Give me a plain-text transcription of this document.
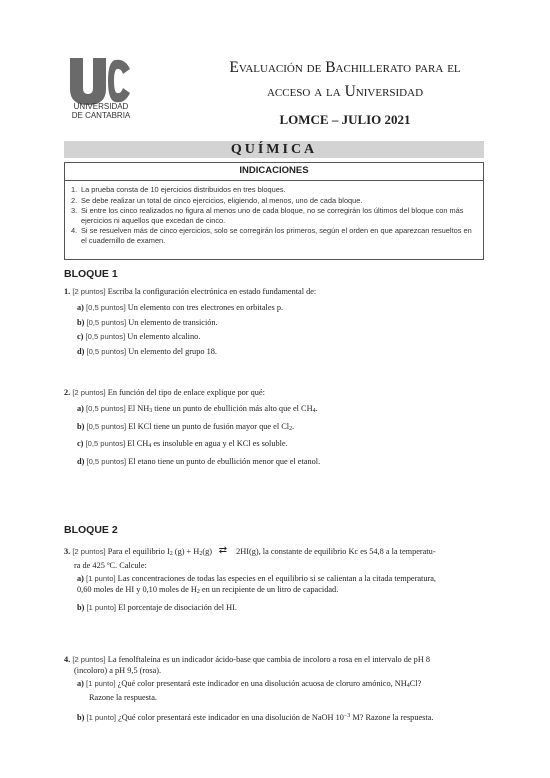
UNIVERSIDAD
DE CANTABRIA
Evaluación de Bachillerato para el
acceso a la Universidad
LOMCE – JULIO 2021
QUÍMICA
INDICACIONES
1. La prueba consta de 10 ejercicios distribuidos en tres bloques.
2. Se debe realizar un total de cinco ejercicios, eligiendo, al menos, uno de cada bloque.
3. Si entre los cinco realizados no figura al menos uno de cada bloque, no se corregirán los últimos del bloque con más ejercicios ni aquellos que excedan de cinco.
4. Si se resuelven más de cinco ejercicios, solo se corregirán los primeros, según el orden en que aparezcan resueltos en el cuadernillo de examen.
BLOQUE 1
1. [2 puntos] Escriba la configuración electrónica en estado fundamental de:
a) [0,5 puntos] Un elemento con tres electrones en orbitales p.
b) [0,5 puntos] Un elemento de transición.
c) [0,5 puntos] Un elemento alcalino.
d) [0,5 puntos] Un elemento del grupo 18.
2. [2 puntos] En función del tipo de enlace explique por qué:
a) [0,5 puntos] El NH3 tiene un punto de ebullición más alto que el CH4.
b) [0,5 puntos] El KCl tiene un punto de fusión mayor que el Cl2.
c) [0,5 puntos] El CH4 es insoluble en agua y el KCl es soluble.
d) [0,5 puntos] El etano tiene un punto de ebullición menor que el etanol.
BLOQUE 2
3. [2 puntos] Para el equilibrio I2 (g) + H2(g) ⇄ 2HI(g), la constante de equilibrio Kc es 54,8 a la temperatu-
ra de 425 ºC. Calcule:
a) [1 punto] Las concentraciones de todas las especies en el equilibrio si se calientan a la citada temperatura,
0,60 moles de HI y 0,10 moles de H2 en un recipiente de un litro de capacidad.
b) [1 punto] El porcentaje de disociación del HI.
4. [2 puntos] La fenolftaleína es un indicador ácido-base que cambia de incoloro a rosa en el intervalo de pH 8
(incoloro) a pH 9,5 (rosa).
a) [1 punto] ¿Qué color presentará este indicador en una disolución acuosa de cloruro amónico, NH4Cl?
Razone la respuesta.
b) [1 punto] ¿Qué color presentará este indicador en una disolución de NaOH $10^{-3}$ M? Razone la respuesta.
